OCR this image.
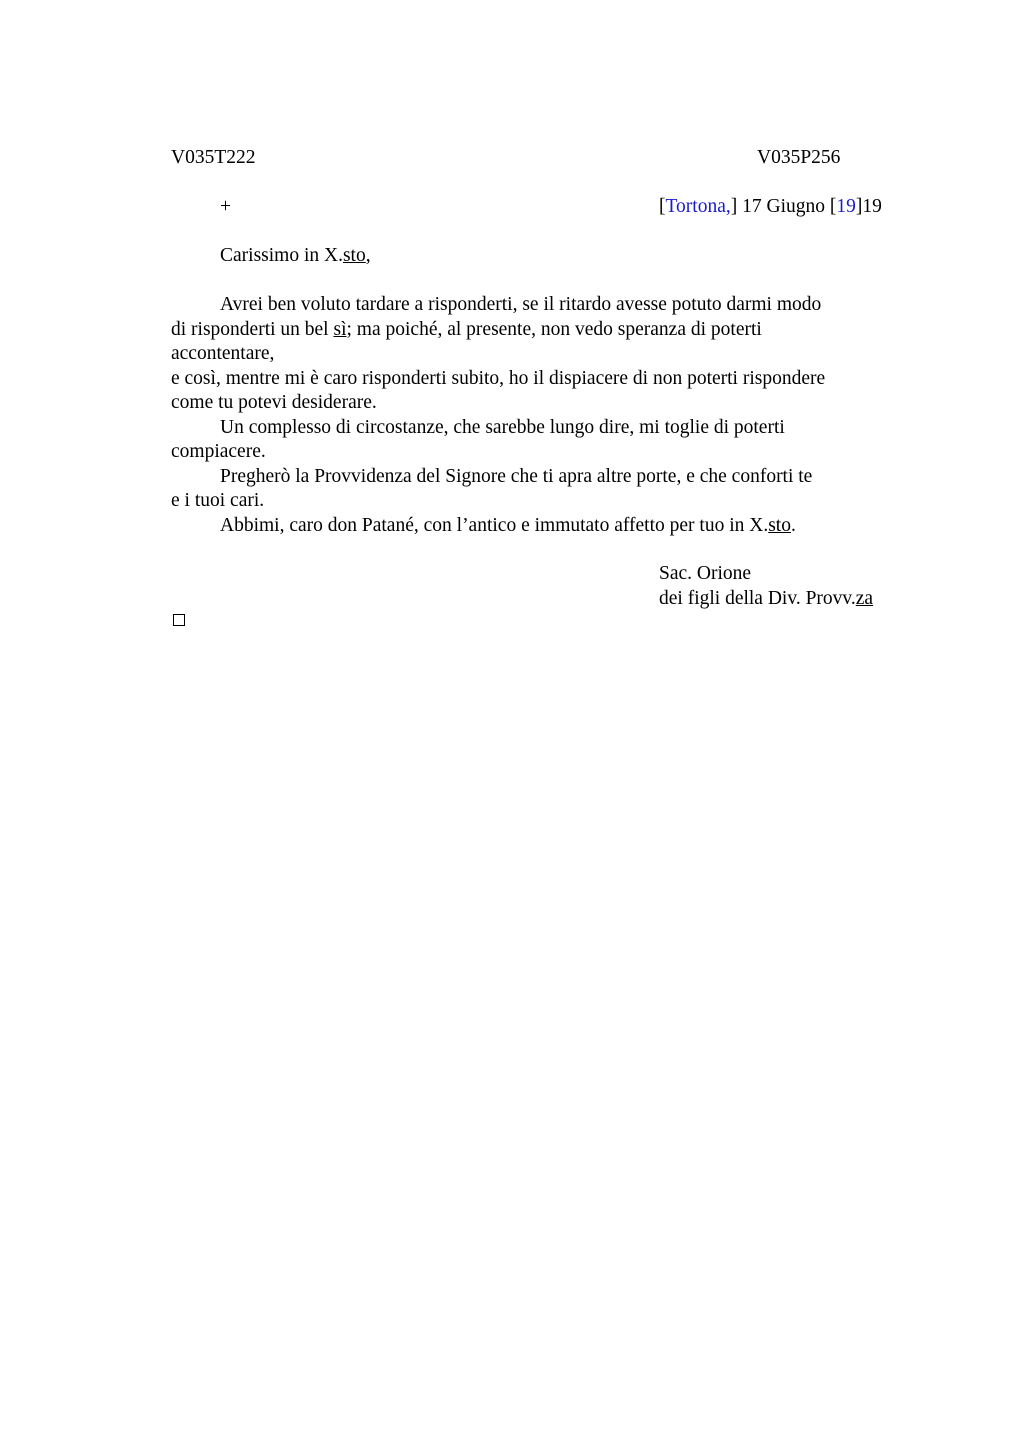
V035T222	V035P256
+	[Tortona,] 17 Giugno [19]19
Carissimo in X.sto,
Avrei ben voluto tardare a risponderti, se il ritardo avesse potuto darmi modo
di risponderti un bel sì; ma poiché, al presente, non vedo speranza di poterti
accontentare,
e così, mentre mi è caro risponderti subito, ho il dispiacere di non poterti rispondere
come tu potevi desiderare.
Un complesso di circostanze, che sarebbe lungo dire, mi toglie di poterti
compiacere.
Pregherò la Provvidenza del Signore che ti apra altre porte, e che conforti te
e i tuoi cari.
Abbimi, caro don Patané, con l’antico e immutato affetto per tuo in X.sto.
Sac. Orione
dei figli della Div. Provv.za
